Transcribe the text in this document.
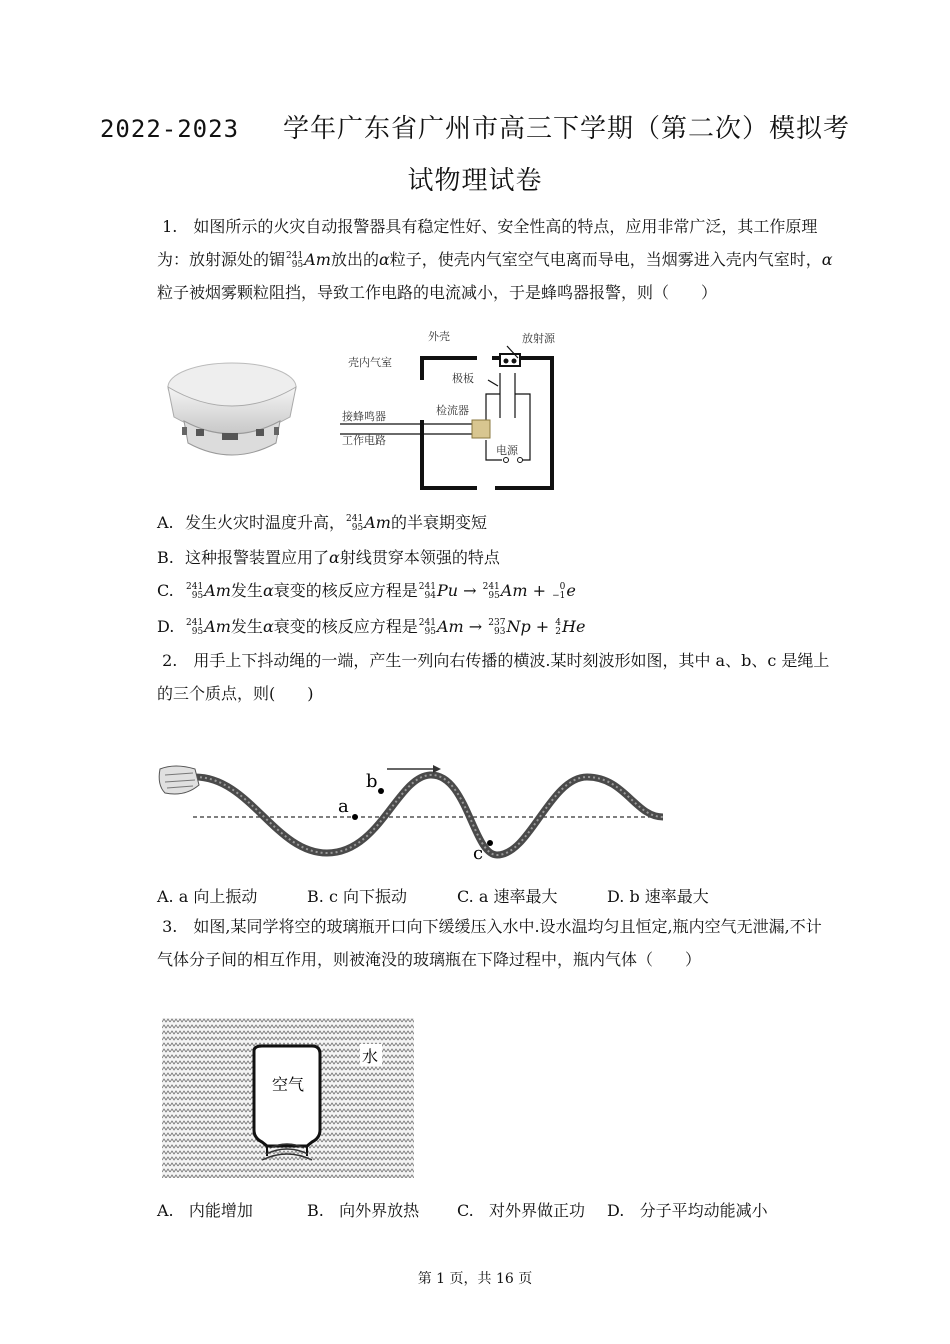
2022-2023 学年广东省广州市高三下学期（第二次）模拟考
试物理试卷
1. 如图所示的火灾自动报警器具有稳定性好、安全性高的特点，应用非常广泛，其工作原理为：放射源处的镅241
95Am放出的α粒子，使壳内气室空气电离而导电，当烟雾进入壳内气室时，α粒子被烟雾颗粒阻挡，导致工作电路的电流减小，于是蜂鸣器报警，则（　　）
外壳	放射源
壳内气室
极板
检流器
接蜂鸣器
工作电路
电源
A. 发生火灾时温度升高，241
95Am的半衰期变短
B. 这种报警装置应用了α射线贯穿本领强的特点
C. 241
95Am发生α衰变的核反应方程是241
94Pu → 241
95Am + 0
−1e
D. 241
95Am发生α衰变的核反应方程是241
95Am → 237
93Np + 4
2He
2. 用手上下抖动绳的一端，产生一列向右传播的横波.某时刻波形如图，其中 a、b、c 是绳上的三个质点，则(　　)
a
b
c
A. a 向上振动	B. c 向下振动	C. a 速率最大	D. b 速率最大
3. 如图,某同学将空的玻璃瓶开口向下缓缓压入水中.设水温均匀且恒定,瓶内空气无泄漏,不计气体分子间的相互作用，则被淹没的玻璃瓶在下降过程中，瓶内气体（　　）
水
空气
A. 内能增加	B. 向外界放热 C. 对外界做正功 D. 分子平均动能减小
第 1 页，共 16 页
